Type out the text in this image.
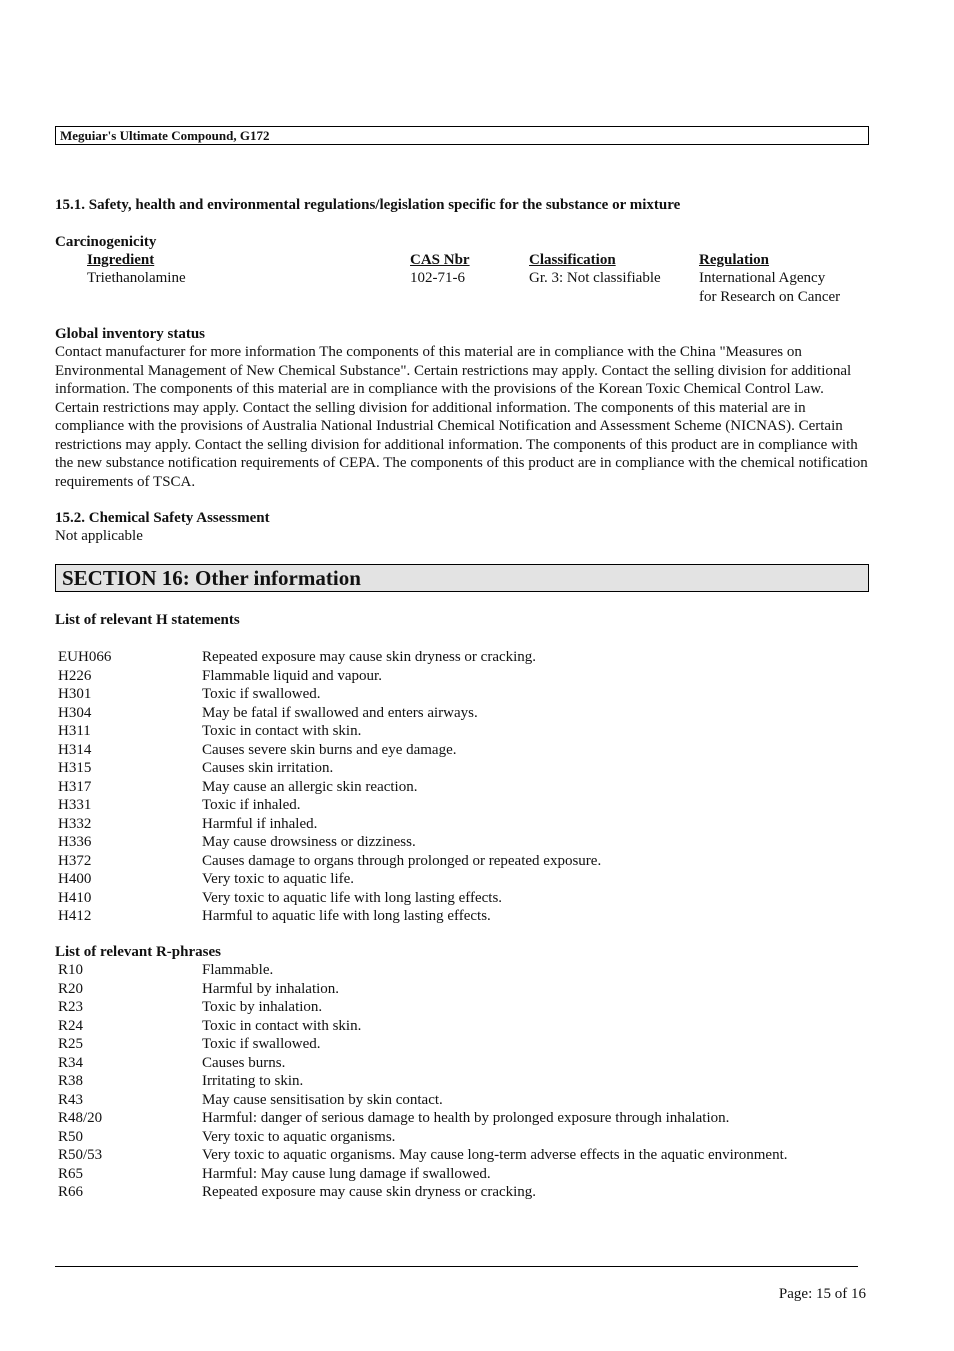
Meguiar's Ultimate Compound, G172
15.1. Safety, health and environmental regulations/legislation specific for the substance or mixture
Carcinogenicity
Ingredient	CAS Nbr	Classification	Regulation
Triethanolamine	102-71-6	Gr. 3: Not classifiable	International Agency
for Research on Cancer
Global inventory status
Contact manufacturer for more information The components of this material are in compliance with the China "Measures on Environmental Management of New Chemical Substance". Certain restrictions may apply. Contact the selling division for additional information. The components of this material are in compliance with the provisions of the Korean Toxic Chemical Control Law. Certain restrictions may apply. Contact the selling division for additional information. The components of this material are in compliance with the provisions of Australia National Industrial Chemical Notification and Assessment Scheme (NICNAS). Certain restrictions may apply. Contact the selling division for additional information. The components of this product are in compliance with the new substance notification requirements of CEPA. The components of this product are in compliance with the chemical notification requirements of TSCA.
15.2. Chemical Safety Assessment
Not applicable
SECTION 16: Other information
List of relevant H statements
EUH066	Repeated exposure may cause skin dryness or cracking.
H226	Flammable liquid and vapour.
H301	Toxic if swallowed.
H304	May be fatal if swallowed and enters airways.
H311	Toxic in contact with skin.
H314	Causes severe skin burns and eye damage.
H315	Causes skin irritation.
H317	May cause an allergic skin reaction.
H331	Toxic if inhaled.
H332	Harmful if inhaled.
H336	May cause drowsiness or dizziness.
H372	Causes damage to organs through prolonged or repeated exposure.
H400	Very toxic to aquatic life.
H410	Very toxic to aquatic life with long lasting effects.
H412	Harmful to aquatic life with long lasting effects.
List of relevant R-phrases
R10	Flammable.
R20	Harmful by inhalation.
R23	Toxic by inhalation.
R24	Toxic in contact with skin.
R25	Toxic if swallowed.
R34	Causes burns.
R38	Irritating to skin.
R43	May cause sensitisation by skin contact.
R48/20	Harmful: danger of serious damage to health by prolonged exposure through inhalation.
R50	Very toxic to aquatic organisms.
R50/53	Very toxic to aquatic organisms. May cause long-term adverse effects in the aquatic environment.
R65	Harmful: May cause lung damage if swallowed.
R66	Repeated exposure may cause skin dryness or cracking.
Page: 15 of 16
